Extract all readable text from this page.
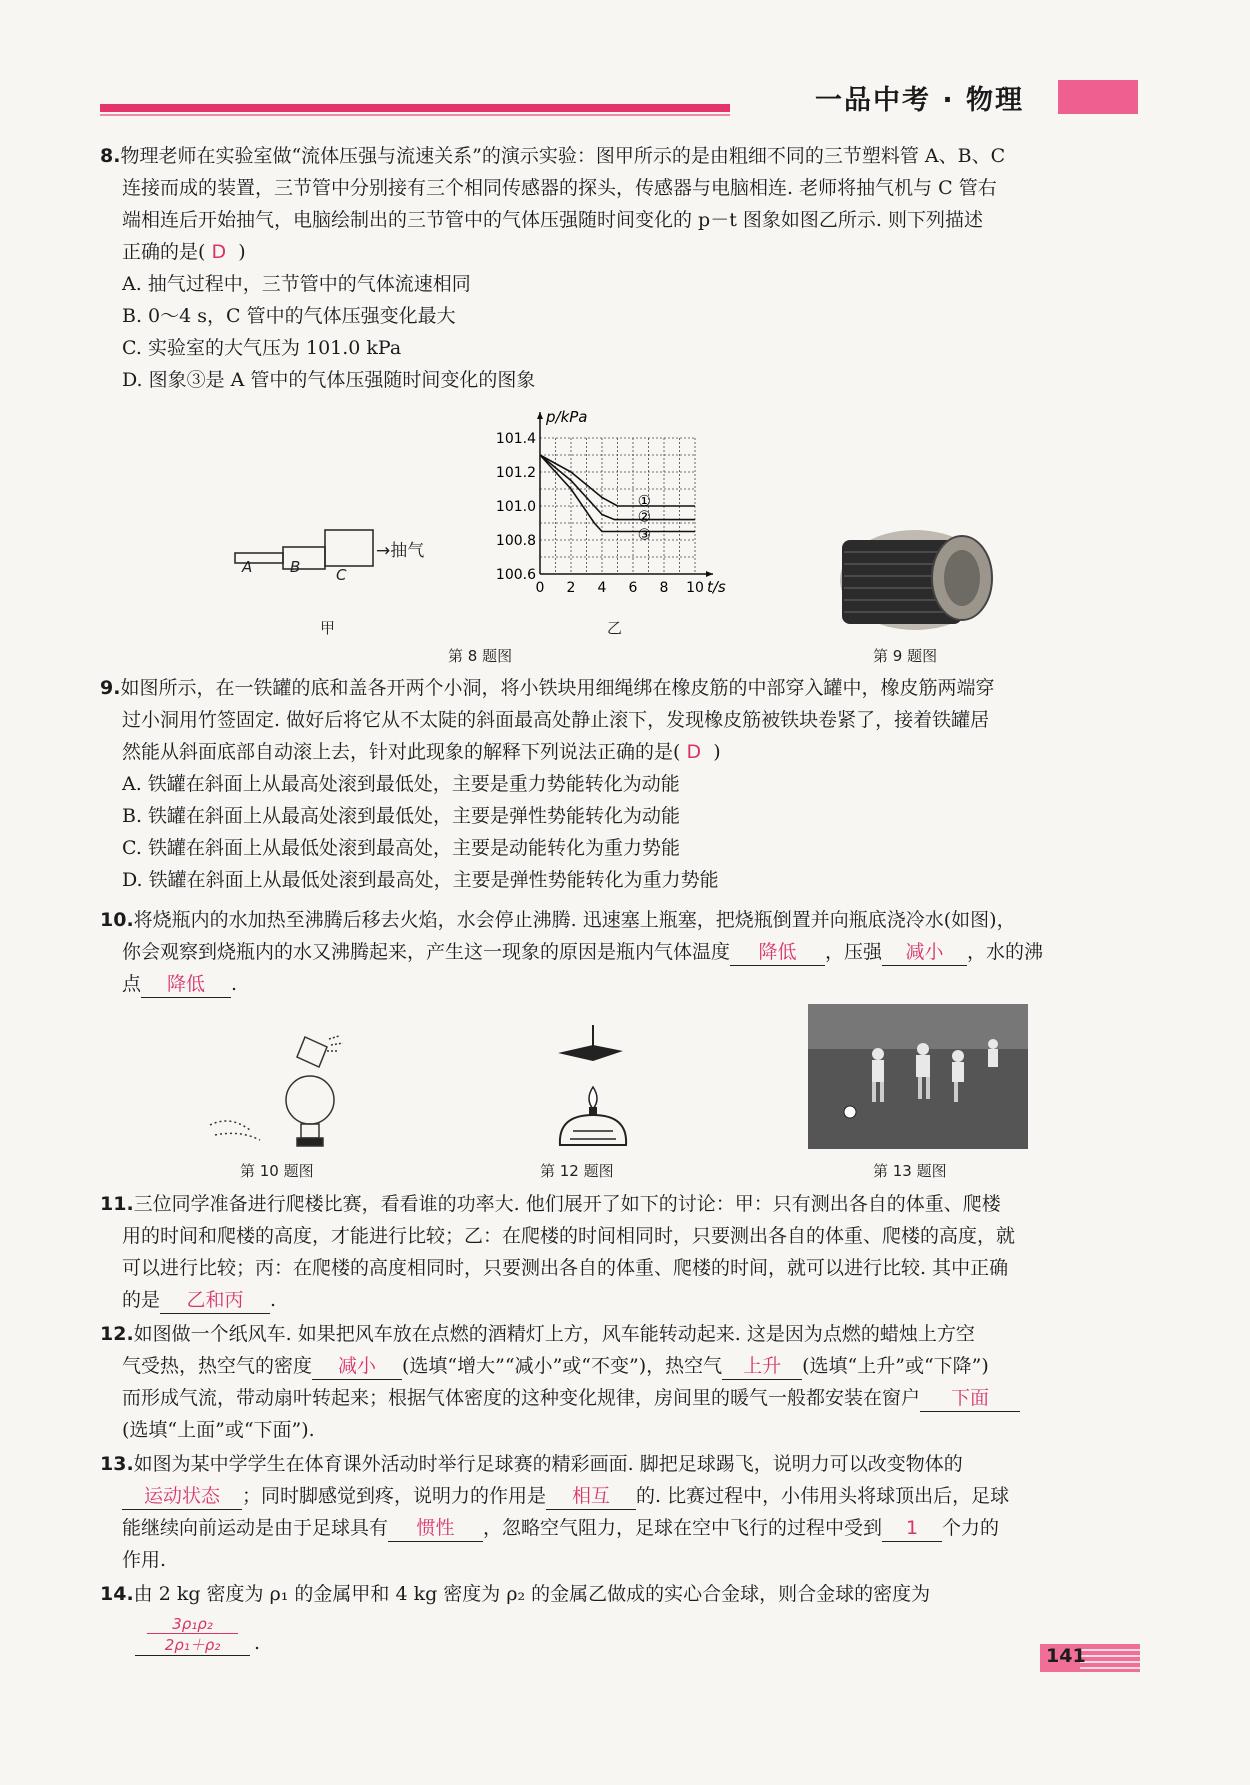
一品中考 · 物理

8.物理老师在实验室做“流体压强与流速关系”的演示实验：图甲所示的是由粗细不同的三节塑料管 A、B、C

连接而成的装置，三节管中分别接有三个相同传感器的探头，传感器与电脑相连. 老师将抽气机与 C 管右

端相连后开始抽气，电脑绘制出的三节管中的气体压强随时间变化的 p－t 图象如图乙所示. 则下列描述

正确的是( D )

A. 抽气过程中，三节管中的气体流速相同

B. 0～4 s，C 管中的气体压强变化最大

C. 实验室的大气压为 101.0 kPa

D. 图象③是 A 管中的气体压强随时间变化的图象

A	B C
→抽气
甲
p/kPa
t/s
0 2 4 6 8 10
100.6
100.8
101.0
101.2
101.4
①
②
③
乙
第 8 题图	第 9 题图

9.如图所示，在一铁罐的底和盖各开两个小洞，将小铁块用细绳绑在橡皮筋的中部穿入罐中，橡皮筋两端穿

过小洞用竹签固定. 做好后将它从不太陡的斜面最高处静止滚下，发现橡皮筋被铁块卷紧了，接着铁罐居

然能从斜面底部自动滚上去，针对此现象的解释下列说法正确的是( D )

A. 铁罐在斜面上从最高处滚到最低处，主要是重力势能转化为动能

B. 铁罐在斜面上从最高处滚到最低处，主要是弹性势能转化为动能

C. 铁罐在斜面上从最低处滚到最高处，主要是动能转化为重力势能

D. 铁罐在斜面上从最低处滚到最高处，主要是弹性势能转化为重力势能

10.将烧瓶内的水加热至沸腾后移去火焰，水会停止沸腾. 迅速塞上瓶塞，把烧瓶倒置并向瓶底浇冷水(如图)，

你会观察到烧瓶内的水又沸腾起来，产生这一现象的原因是瓶内气体温度 降低 ，压强 减小 ，水的沸

点 降低 .

第 10 题图	第 12 题图	第 13 题图

11.三位同学准备进行爬楼比赛，看看谁的功率大. 他们展开了如下的讨论：甲：只有测出各自的体重、爬楼

用的时间和爬楼的高度，才能进行比较；乙：在爬楼的时间相同时，只要测出各自的体重、爬楼的高度，就

可以进行比较；丙：在爬楼的高度相同时，只要测出各自的体重、爬楼的时间，就可以进行比较. 其中正确

的是 乙和丙 .

12.如图做一个纸风车. 如果把风车放在点燃的酒精灯上方，风车能转动起来. 这是因为点燃的蜡烛上方空

气受热，热空气的密度 减小 (选填“增大”“减小”或“不变”)，热空气 上升 (选填“上升”或“下降”)

而形成气流，带动扇叶转起来；根据气体密度的这种变化规律，房间里的暖气一般都安装在窗户 下面

(选填“上面”或“下面”).

13.如图为某中学学生在体育课外活动时举行足球赛的精彩画面. 脚把足球踢飞，说明力可以改变物体的

运动状态 ；同时脚感觉到疼，说明力的作用是 相互 的. 比赛过程中，小伟用头将球顶出后，足球

能继续向前运动是由于足球具有 惯性 ，忽略空气阻力，足球在空中飞行的过程中受到 1 个力的

作用.

14.由 2 kg 密度为 ρ₁ 的金属甲和 4 kg 密度为 ρ₂ 的金属乙做成的实心合金球，则合金球的密度为

$\frac{\text{3ρ₁ρ₂}}{\text{2ρ₁＋ρ₂}}$ .
141
